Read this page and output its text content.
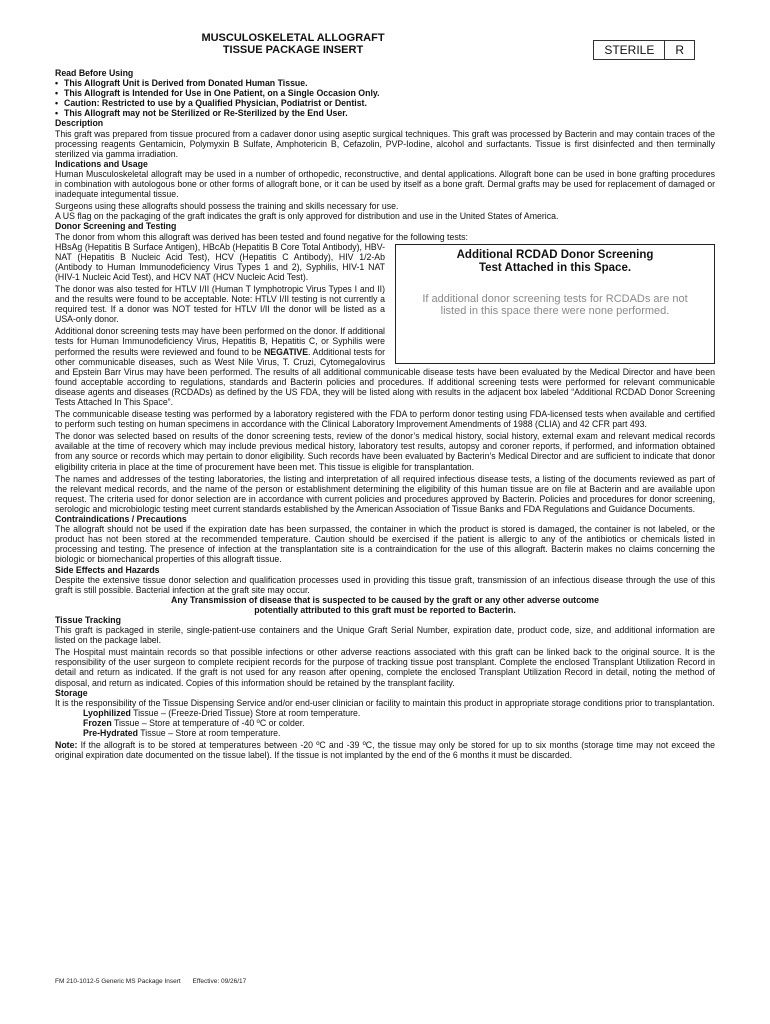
MUSCULOSKELETAL ALLOGRAFT
TISSUE PACKAGE INSERT	STERILE	R

Read Before Using

• This Allograft Unit is Derived from Donated Human Tissue.
• This Allograft is Intended for Use in One Patient, on a Single Occasion Only.
• Caution: Restricted to use by a Qualified Physician, Podiatrist or Dentist.
• This Allograft may not be Sterilized or Re-Sterilized by the End User.

Description

This graft was prepared from tissue procured from a cadaver donor using aseptic surgical techniques. This graft was processed by Bacterin and may contain traces of the processing reagents Gentamicin, Polymyxin B Sulfate, Amphotericin B, Cefazolin, PVP-Iodine, alcohol and surfactants. Tissue is first disinfected and then terminally sterilized via gamma irradiation.

Indications and Usage

Human Musculoskeletal allograft may be used in a number of orthopedic, reconstructive, and dental applications. Allograft bone can be used in bone grafting procedures in combination with autologous bone or other forms of allograft bone, or it can be used by itself as a bone graft. Dermal grafts may be used for replacement of damaged or inadequate integumental tissue.

Surgeons using these allografts should possess the training and skills necessary for use.

A US flag on the packaging of the graft indicates the graft is only approved for distribution and use in the United States of America.

Donor Screening and Testing

The donor from whom this allograft was derived has been tested and found negative for the following tests:

Additional RCDAD Donor Screening
Test Attached in this Space.
If additional donor screening tests for RCDADs are not listed in this space there were none performed.

HBsAg (Hepatitis B Surface Antigen), HBcAb (Hepatitis B Core Total Antibody), HBV-NAT (Hepatitis B Nucleic Acid Test), HCV (Hepatitis C Antibody), HIV 1/2-Ab (Antibody to Human Immunodeficiency Virus Types 1 and 2), Syphilis, HIV-1 NAT (HIV-1 Nucleic Acid Test), and HCV NAT (HCV Nucleic Acid Test).

The donor was also tested for HTLV I/II (Human T lymphotropic Virus Types I and II) and the results were found to be acceptable. Note: HTLV I/II testing is not currently a required test. If a donor was NOT tested for HTLV I/II the donor will be listed as a USA-only donor.

Additional donor screening tests may have been performed on the donor. If additional tests for Human Immunodeficiency Virus, Hepatitis B, Hepatitis C, or Syphilis were performed the results were reviewed and found to be NEGATIVE. Additional tests for other communicable diseases, such as West Nile Virus, T. Cruzi, Cytomegalovirus and Epstein Barr Virus may have been performed. The results of all additional communicable disease tests have been evaluated by the Medical Director and have been found acceptable according to regulations, standards and Bacterin policies and procedures. If additional screening tests were performed for relevant communicable disease agents and diseases (RCDADs) as defined by the US FDA, they will be listed along with results in the adjacent box labeled “Additional RCDAD Donor Screening Tests Attached In This Space”.

The communicable disease testing was performed by a laboratory registered with the FDA to perform donor testing using FDA-licensed tests when available and certified to perform such testing on human specimens in accordance with the Clinical Laboratory Improvement Amendments of 1988 (CLIA) and 42 CFR part 493.

The donor was selected based on results of the donor screening tests, review of the donor’s medical history, social history, external exam and relevant medical records available at the time of recovery which may include previous medical history, laboratory test results, autopsy and coroner reports, if performed, and information obtained from any source or records which may pertain to donor eligibility. Such records have been evaluated by Bacterin’s Medical Director and are sufficient to indicate that donor eligibility criteria in place at the time of procurement have been met. This tissue is eligible for transplantation.

The names and addresses of the testing laboratories, the listing and interpretation of all required infectious disease tests, a listing of the documents reviewed as part of the relevant medical records, and the name of the person or establishment determining the eligibility of this human tissue are on file at Bacterin and are available upon request. The criteria used for donor selection are in accordance with current policies and procedures approved by Bacterin. Policies and procedures for donor screening, serologic and microbiologic testing meet current standards established by the American Association of Tissue Banks and FDA Regulations and Guidance Documents.

Contraindications / Precautions

The allograft should not be used if the expiration date has been surpassed, the container in which the product is stored is damaged, the container is not labeled, or the product has not been stored at the recommended temperature. Caution should be exercised if the patient is allergic to any of the antibiotics or chemicals listed in processing and testing. The presence of infection at the transplantation site is a contraindication for the use of this allograft. Bacterin makes no claims concerning the biologic or biomechanical properties of this allograft tissue.

Side Effects and Hazards

Despite the extensive tissue donor selection and qualification processes used in providing this tissue graft, transmission of an infectious disease through the use of this graft is still possible. Bacterial infection at the graft site may occur.

Any Transmission of disease that is suspected to be caused by the graft or any other adverse outcome

potentially attributed to this graft must be reported to Bacterin.

Tissue Tracking

This graft is packaged in sterile, single-patient-use containers and the Unique Graft Serial Number, expiration date, product code, size, and additional information are listed on the package label.

The Hospital must maintain records so that possible infections or other adverse reactions associated with this graft can be linked back to the original source. It is the responsibility of the user surgeon to complete recipient records for the purpose of tracking tissue post transplant. Complete the enclosed Transplant Utilization Record in detail and return as indicated. If the graft is not used for any reason after opening, complete the enclosed Transplant Utilization Record in detail, noting the method of disposal, and return as indicated. Copies of this information should be retained by the transplant facility.

Storage

It is the responsibility of the Tissue Dispensing Service and/or end-user clinician or facility to maintain this product in appropriate storage conditions prior to transplantation.

Lyophilized Tissue – (Freeze-Dried Tissue) Store at room temperature.

Frozen Tissue – Store at temperature of -40 ºC or colder.

Pre-Hydrated Tissue – Store at room temperature.

Note: If the allograft is to be stored at temperatures between -20 ºC and -39 ºC, the tissue may only be stored for up to six months (storage time may not exceed the original expiration date documented on the tissue label). If the tissue is not implanted by the end of the 6 months it must be discarded.

FM 210-1012-5 Generic MS Package Insert Effective: 09/26/17
